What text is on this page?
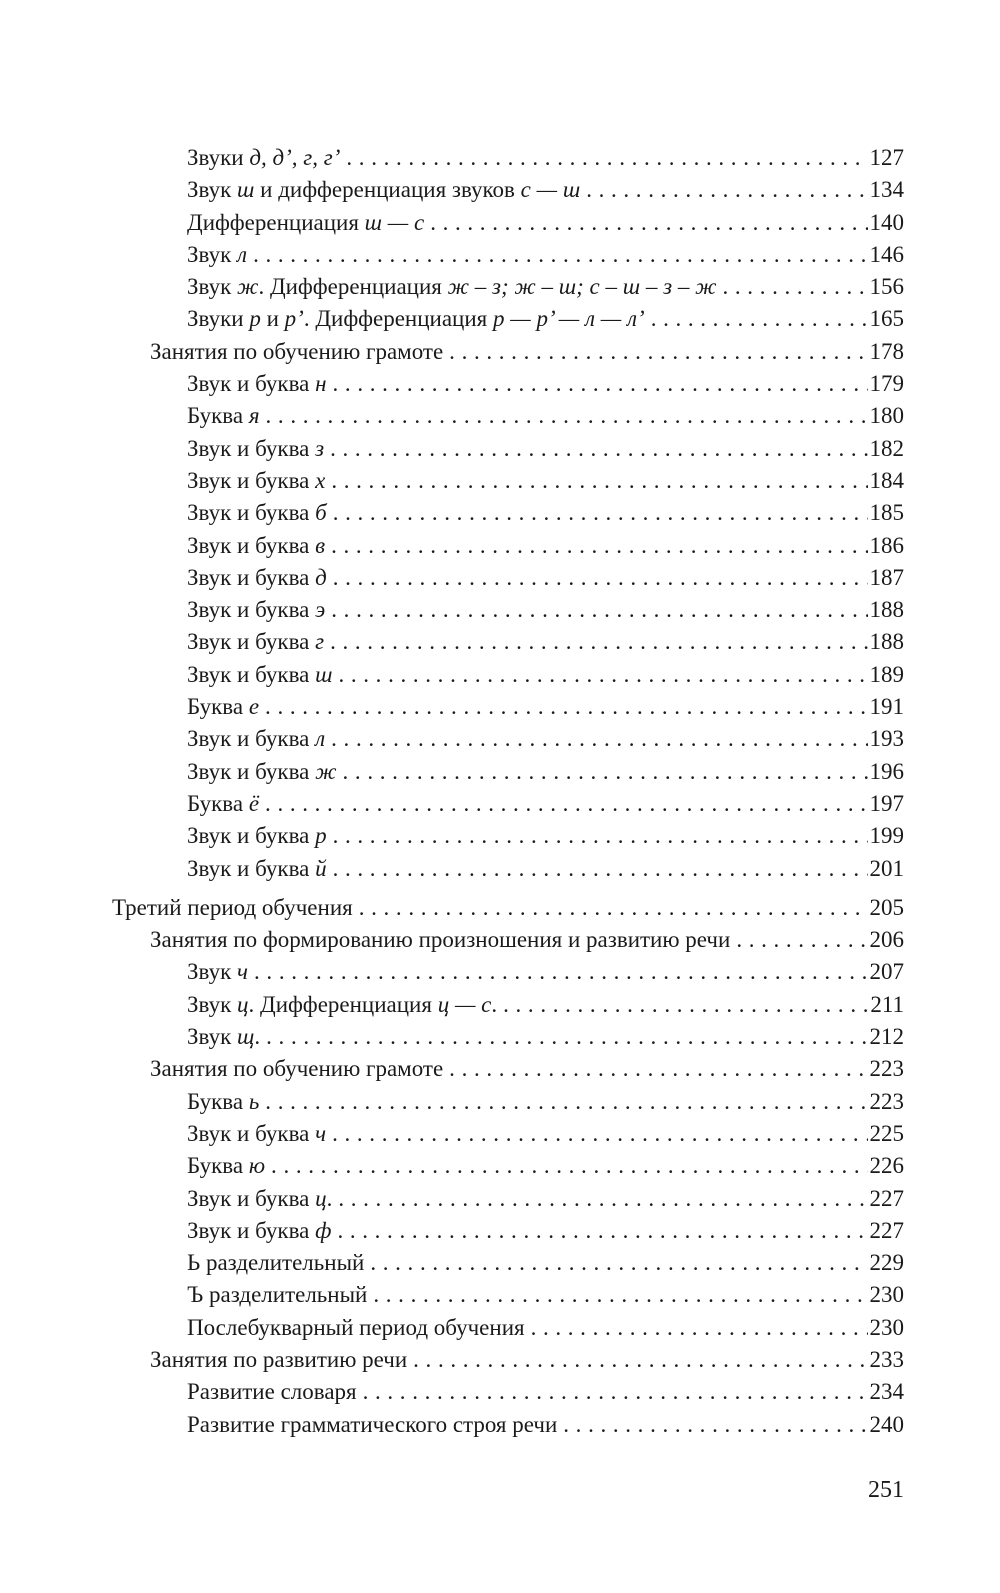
Звуки д, д’, г, г’ . . .	127
Звук ш и дифференциация звуков с — ш . . .	134
Дифференциация ш — с . . .	140
Звук л . . .	146
Звук ж. Дифференциация ж – з; ж – ш; с – ш – з – ж . . .	156
Звуки р и р’. Дифференциация р — р’ — л — л’ . . .	165
Занятия по обучению грамоте . . .	178
Звук и буква н . . .	179
Буква я . . .	180
Звук и буква з . . .	182
Звук и буква х . . .	184
Звук и буква б . . .	185
Звук и буква в . . .	186
Звук и буква д . . .	187
Звук и буква э . . .	188
Звук и буква г . . .	188
Звук и буква ш . . .	189
Буква е . . .	191
Звук и буква л . . .	193
Звук и буква ж . . .	196
Буква ё . . .	197
Звук и буква р . . .	199
Звук и буква й . . .	201
Третий период обучения . . .	205
Занятия по формированию произношения и развитию речи . . .	206
Звук ч . . .	207
Звук ц. Дифференциация ц — с. . . .	211
Звук щ. . . .	212
Занятия по обучению грамоте . . .	223
Буква ь . . .	223
Звук и буква ч . . .	225
Буква ю . . .	226
Звук и буква ц. . . .	227
Звук и буква ф . . .	227
Ь разделительный . . .	229
Ъ разделительный . . .	230
Послебукварный период обучения . . .	230
Занятия по развитию речи . . .	233
Развитие словаря . . .	234
Развитие грамматического строя речи . . .	240
251
